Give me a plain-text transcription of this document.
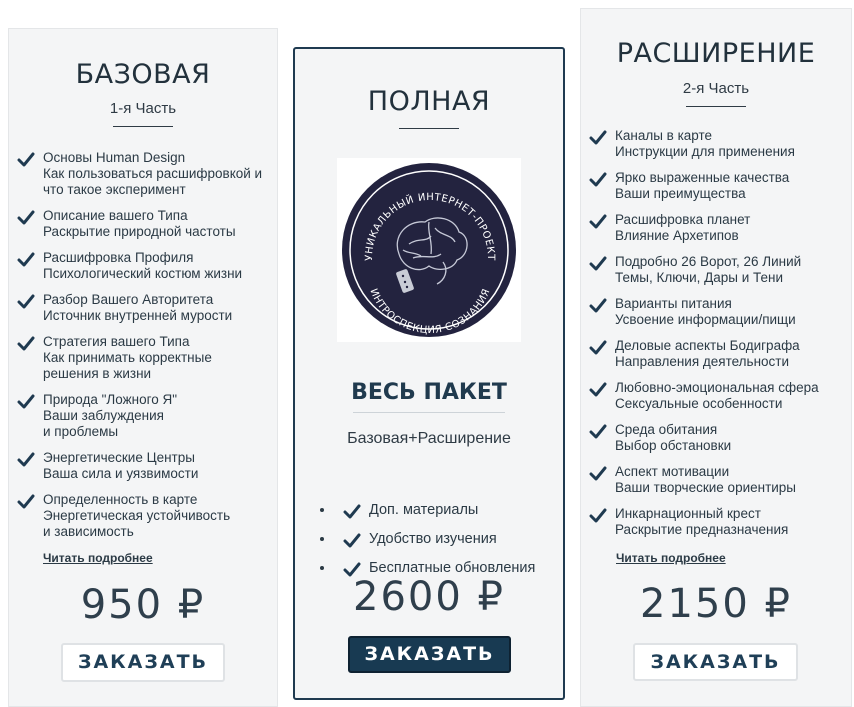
БАЗОВАЯ
1-я Часть
Основы Human Design
Как пользоваться расшифровкой и
что такое эксперимент
Описание вашего Типа
Раскрытие природной частоты
Расшифровка Профиля
Психологический костюм жизни
Разбор Вашего Авторитета
Источник внутренней мурости
Стратегия вашего Типа
Как принимать корректные
решения в жизни
Природа "Ложного Я"
Ваши заблуждения
и проблемы
Энергетические Центры
Ваша сила и уязвимости
Определенность в карте
Энергетическая устойчивость
и зависимость
Читать подробнее
950 ₽
ЗАКАЗАТЬ
ПОЛНАЯ
УНИКАЛЬНЫЙ ИНТЕРНЕТ-ПРОЕКТ
ИНТРОСПЕКЦИЯ СОЗНАНИЯ
ВЕСЬ ПАКЕТ
Базовая+Расширение
• Доп. материалы
• Удобство изучения
• Бесплатные обновления
2600 ₽
ЗАКАЗАТЬ
РАСШИРЕНИЕ
2-я Часть
Каналы в карте
Инструкции для применения
Ярко выраженные качества
Ваши преимущества
Расшифровка планет
Влияние Архетипов
Подробно 26 Ворот, 26 Линий
Темы, Ключи, Дары и Тени
Варианты питания
Усвоение информации/пищи
Деловые аспекты Бодиграфа
Направления деятельности
Любовно-эмоциональная сфера
Сексуальные особенности
Среда обитания
Выбор обстановки
Аспект мотивации
Ваши творческие ориентиры
Инкарнационный крест
Раскрытие предназначения
Читать подробнее
2150 ₽
ЗАКАЗАТЬ
